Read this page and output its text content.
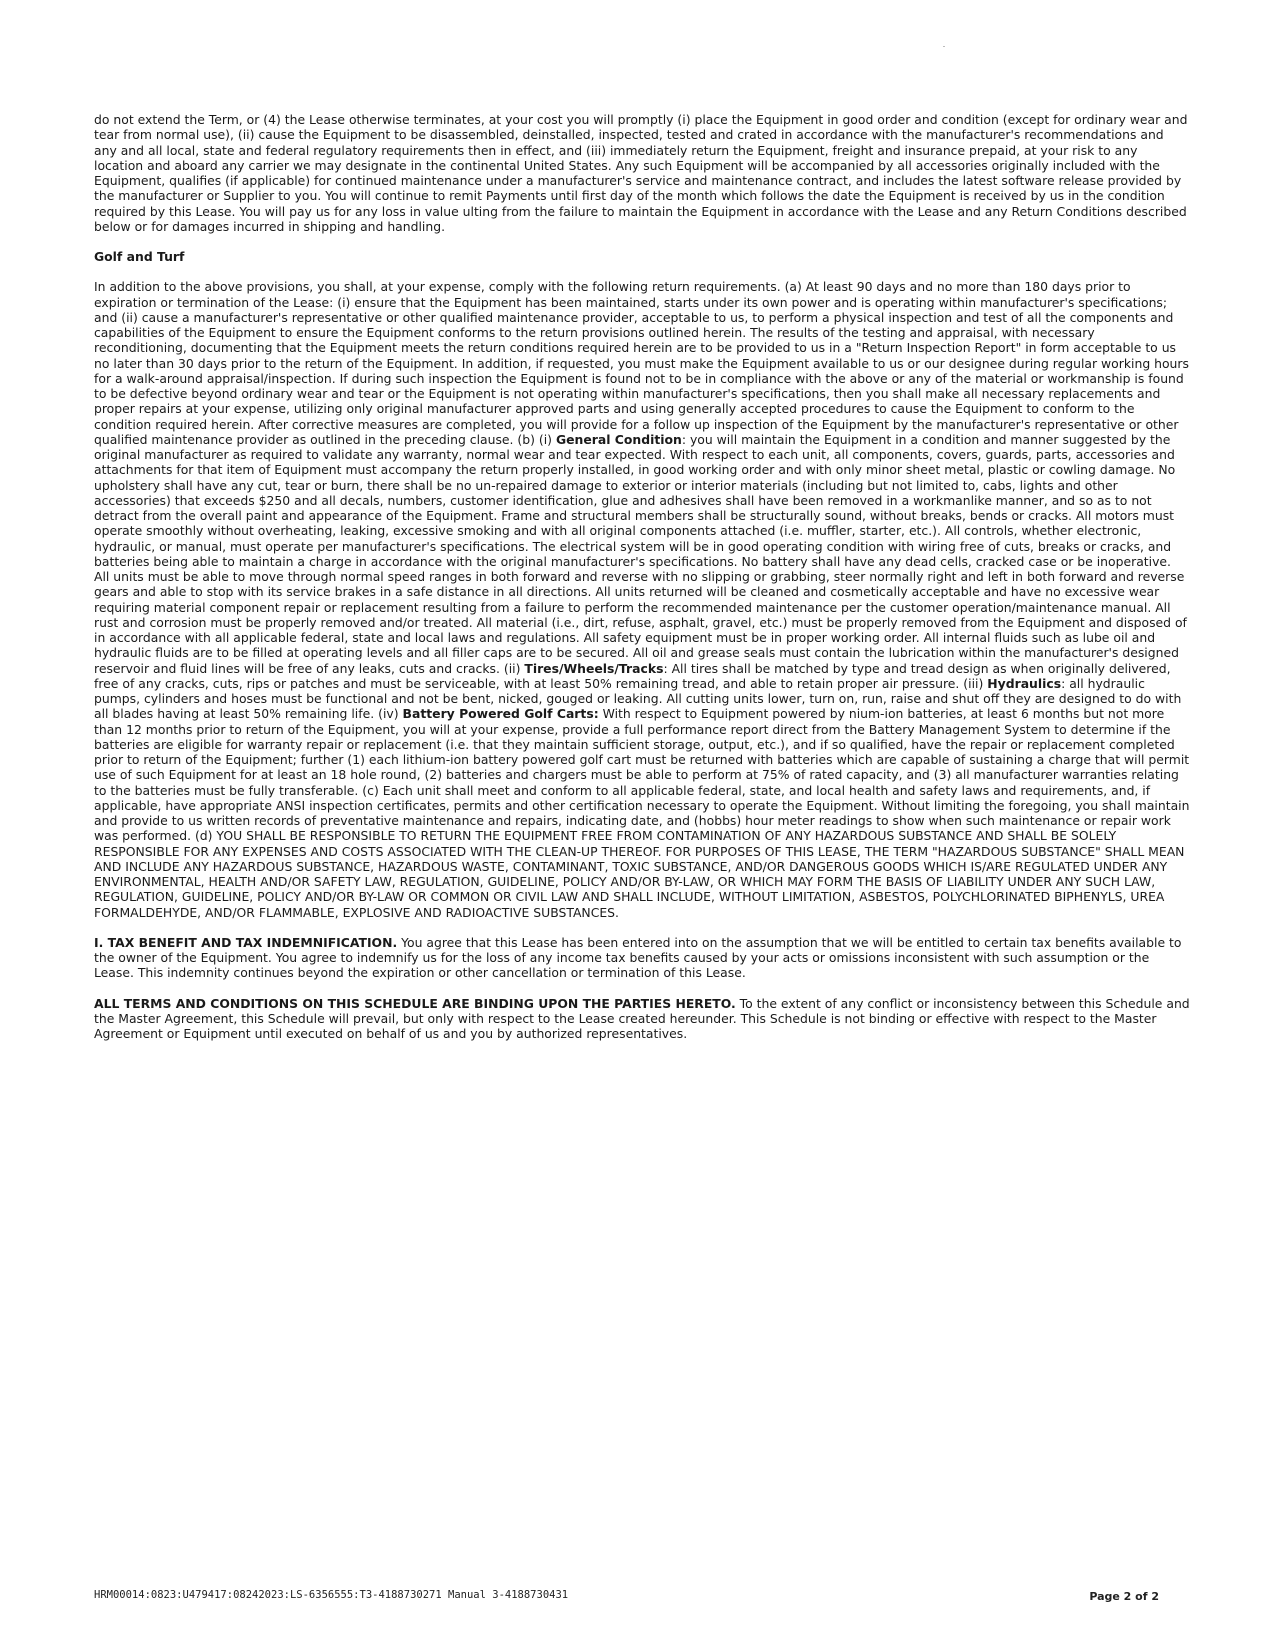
do not extend the Term, or (4) the Lease otherwise terminates, at your cost you will promptly (i) place the Equipment in good order and condition (except for ordinary wear and tear from normal use), (ii) cause the Equipment to be disassembled, deinstalled, inspected, tested and crated in accordance with the manufacturer's recommendations and any and all local, state and federal regulatory requirements then in effect, and (iii) immediately return the Equipment, freight and insurance prepaid, at your risk to any location and aboard any carrier we may designate in the continental United States. Any such Equipment will be accompanied by all accessories originally included with the Equipment, qualifies (if applicable) for continued maintenance under a manufacturer's service and maintenance contract, and includes the latest software release provided by the manufacturer or Supplier to you. You will continue to remit Payments until first day of the month which follows the date the Equipment is received by us in the condition required by this Lease. You will pay us for any loss in value ulting from the failure to maintain the Equipment in accordance with the Lease and any Return Conditions described below or for damages incurred in shipping and handling.

Golf and Turf

In addition to the above provisions, you shall, at your expense, comply with the following return requirements. (a) At least 90 days and no more than 180 days prior to expiration or termination of the Lease: (i) ensure that the Equipment has been maintained, starts under its own power and is operating within manufacturer's specifications; and (ii) cause a manufacturer's representative or other qualified maintenance provider, acceptable to us, to perform a physical inspection and test of all the components and capabilities of the Equipment to ensure the Equipment conforms to the return provisions outlined herein. The results of the testing and appraisal, with necessary reconditioning, documenting that the Equipment meets the return conditions required herein are to be provided to us in a "Return Inspection Report" in form acceptable to us no later than 30 days prior to the return of the Equipment. In addition, if requested, you must make the Equipment available to us or our designee during regular working hours for a walk-around appraisal/inspection. If during such inspection the Equipment is found not to be in compliance with the above or any of the material or workmanship is found to be defective beyond ordinary wear and tear or the Equipment is not operating within manufacturer's specifications, then you shall make all necessary replacements and proper repairs at your expense, utilizing only original manufacturer approved parts and using generally accepted procedures to cause the Equipment to conform to the condition required herein. After corrective measures are completed, you will provide for a follow up inspection of the Equipment by the manufacturer's representative or other qualified maintenance provider as outlined in the preceding clause. (b) (i) General Condition: you will maintain the Equipment in a condition and manner suggested by the original manufacturer as required to validate any warranty, normal wear and tear expected. With respect to each unit, all components, covers, guards, parts, accessories and attachments for that item of Equipment must accompany the return properly installed, in good working order and with only minor sheet metal, plastic or cowling damage. No upholstery shall have any cut, tear or burn, there shall be no un-repaired damage to exterior or interior materials (including but not limited to, cabs, lights and other accessories) that exceeds $250 and all decals, numbers, customer identification, glue and adhesives shall have been removed in a workmanlike manner, and so as to not detract from the overall paint and appearance of the Equipment. Frame and structural members shall be structurally sound, without breaks, bends or cracks. All motors must operate smoothly without overheating, leaking, excessive smoking and with all original components attached (i.e. muffler, starter, etc.). All controls, whether electronic, hydraulic, or manual, must operate per manufacturer's specifications. The electrical system will be in good operating condition with wiring free of cuts, breaks or cracks, and batteries being able to maintain a charge in accordance with the original manufacturer's specifications. No battery shall have any dead cells, cracked case or be inoperative. All units must be able to move through normal speed ranges in both forward and reverse with no slipping or grabbing, steer normally right and left in both forward and reverse gears and able to stop with its service brakes in a safe distance in all directions. All units returned will be cleaned and cosmetically acceptable and have no excessive wear requiring material component repair or replacement resulting from a failure to perform the recommended maintenance per the customer operation/maintenance manual. All rust and corrosion must be properly removed and/or treated. All material (i.e., dirt, refuse, asphalt, gravel, etc.) must be properly removed from the Equipment and disposed of in accordance with all applicable federal, state and local laws and regulations. All safety equipment must be in proper working order. All internal fluids such as lube oil and hydraulic fluids are to be filled at operating levels and all filler caps are to be secured. All oil and grease seals must contain the lubrication within the manufacturer's designed reservoir and fluid lines will be free of any leaks, cuts and cracks. (ii) Tires/Wheels/Tracks: All tires shall be matched by type and tread design as when originally delivered, free of any cracks, cuts, rips or patches and must be serviceable, with at least 50% remaining tread, and able to retain proper air pressure. (iii) Hydraulics: all hydraulic pumps, cylinders and hoses must be functional and not be bent, nicked, gouged or leaking. All cutting units lower, turn on, run, raise and shut off they are designed to do with all blades having at least 50% remaining life. (iv) Battery Powered Golf Carts: With respect to Equipment powered by nium-ion batteries, at least 6 months but not more than 12 months prior to return of the Equipment, you will at your expense, provide a full performance report direct from the Battery Management System to determine if the batteries are eligible for warranty repair or replacement (i.e. that they maintain sufficient storage, output, etc.), and if so qualified, have the repair or replacement completed prior to return of the Equipment; further (1) each lithium-ion battery powered golf cart must be returned with batteries which are capable of sustaining a charge that will permit use of such Equipment for at least an 18 hole round, (2) batteries and chargers must be able to perform at 75% of rated capacity, and (3) all manufacturer warranties relating to the batteries must be fully transferable. (c) Each unit shall meet and conform to all applicable federal, state, and local health and safety laws and requirements, and, if applicable, have appropriate ANSI inspection certificates, permits and other certification necessary to operate the Equipment. Without limiting the foregoing, you shall maintain and provide to us written records of preventative maintenance and repairs, indicating date, and (hobbs) hour meter readings to show when such maintenance or repair work was performed. (d) YOU SHALL BE RESPONSIBLE TO RETURN THE EQUIPMENT FREE FROM CONTAMINATION OF ANY HAZARDOUS SUBSTANCE AND SHALL BE SOLELY RESPONSIBLE FOR ANY EXPENSES AND COSTS ASSOCIATED WITH THE CLEAN-UP THEREOF. FOR PURPOSES OF THIS LEASE, THE TERM "HAZARDOUS SUBSTANCE" SHALL MEAN AND INCLUDE ANY HAZARDOUS SUBSTANCE, HAZARDOUS WASTE, CONTAMINANT, TOXIC SUBSTANCE, AND/OR DANGEROUS GOODS WHICH IS/ARE REGULATED UNDER ANY ENVIRONMENTAL, HEALTH AND/OR SAFETY LAW, REGULATION, GUIDELINE, POLICY AND/OR BY-LAW, OR WHICH MAY FORM THE BASIS OF LIABILITY UNDER ANY SUCH LAW, REGULATION, GUIDELINE, POLICY AND/OR BY-LAW OR COMMON OR CIVIL LAW AND SHALL INCLUDE, WITHOUT LIMITATION, ASBESTOS, POLYCHLORINATED BIPHENYLS, UREA FORMALDEHYDE, AND/OR FLAMMABLE, EXPLOSIVE AND RADIOACTIVE SUBSTANCES.

I. TAX BENEFIT AND TAX INDEMNIFICATION. You agree that this Lease has been entered into on the assumption that we will be entitled to certain tax benefits available to the owner of the Equipment. You agree to indemnify us for the loss of any income tax benefits caused by your acts or omissions inconsistent with such assumption or the Lease. This indemnity continues beyond the expiration or other cancellation or termination of this Lease.

ALL TERMS AND CONDITIONS ON THIS SCHEDULE ARE BINDING UPON THE PARTIES HERETO. To the extent of any conflict or inconsistency between this Schedule and the Master Agreement, this Schedule will prevail, but only with respect to the Lease created hereunder. This Schedule is not binding or effective with respect to the Master Agreement or Equipment until executed on behalf of us and you by authorized representatives.

HRM00014:0823:U479417:08242023:LS-6356555:T3-4188730271 Manual 3-4188730431	Page 2 of 2
